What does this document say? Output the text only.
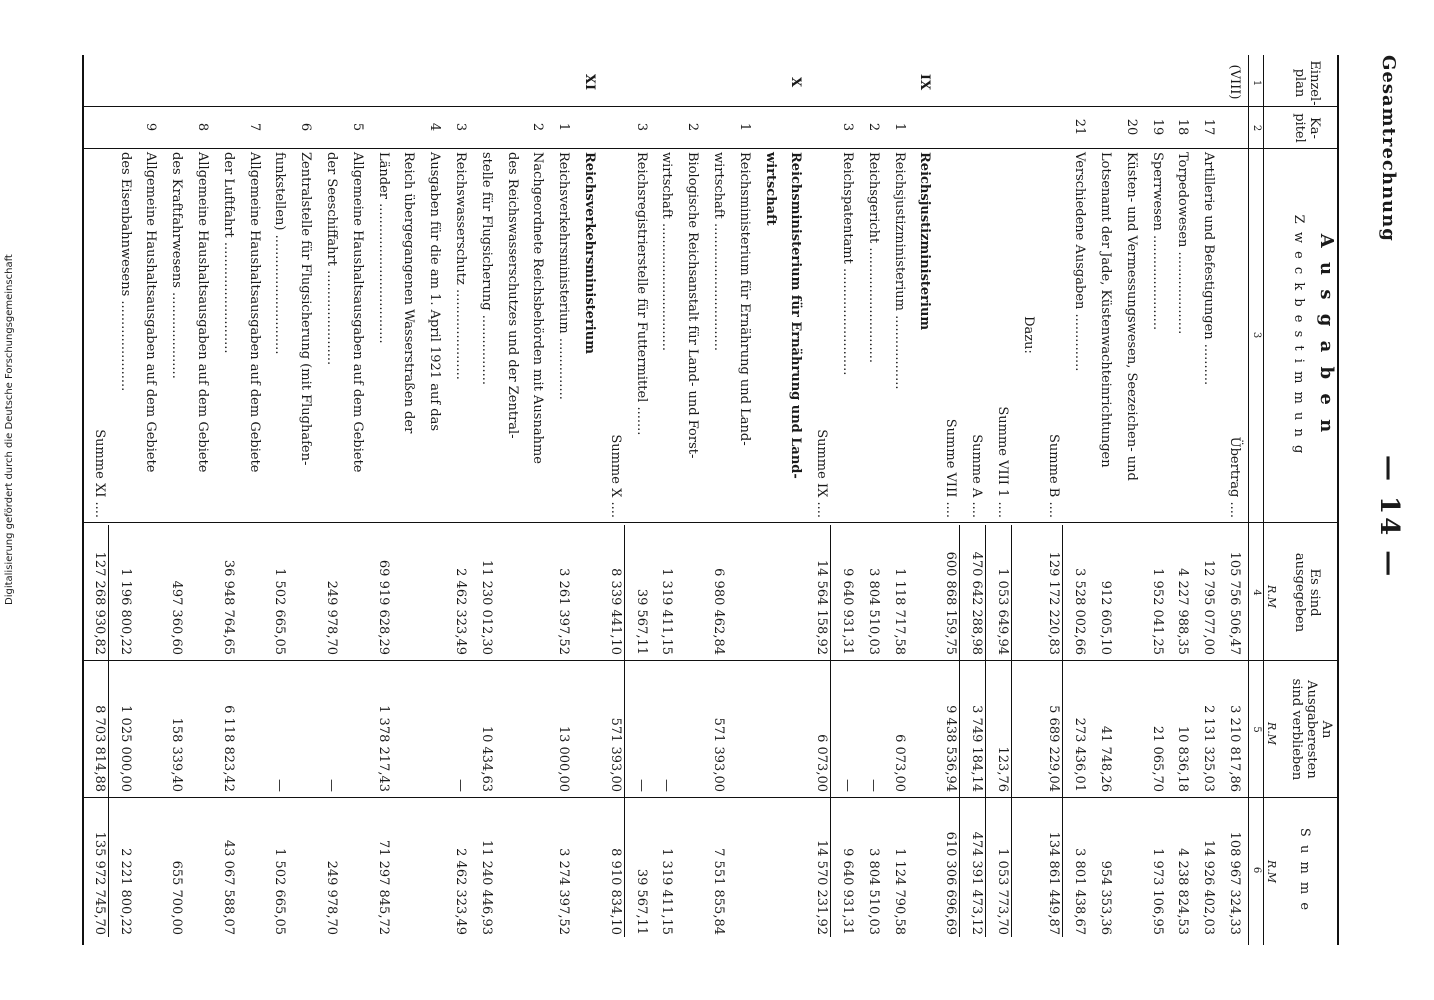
Gesamtrechnung
— 14 —
Einzel-
plan
Ka-
pitel
A u s g a b e n
Z w e c k b e s t i m m u n g
Es sind
ausgegeben
An
Ausgaberesten
sind verblieben
S u m m e
R.M
R.M
R.M
1
2
3
4
5
6
(VIII)
Übertrag ....
105 756 506,47
3 210 817,86
108 967 324,33
17
Artillerie und Befestigungen ..........
12 795 077,00
2 131 325,03
14 926 402,03
18
Torpedowesen ....................
4 227 988,35
10 836,18
4 238 824,53
19
Sperrwesen .......................
1 952 041,25
21 065,70
1 973 106,95
20
Küsten- und Vermessungswesen, Seezeichen- und
Lotsenamt der Jade, Küstenwachteinrichtungen
912 605,10
41 748,26
954 353,36
21
Verschiedene Ausgaben ..............
3 528 002,66
273 436,01
3 801 438,67
Summe B ....
129 172 220,83
5 689 229,04
134 861 449,87
Dazu:
Summe VIII 1 ....
1 053 649,94
123,76
1 053 773,70
Summe A ....
470 642 288,98
3 749 184,14
474 391 473,12
Summe VIII ....
600 868 159,75
9 438 536,94
610 306 696,69
IX
Reichsjustizministerium
1
Reichsjustizministerium ..................
1 118 717,58
6 073,00
1 124 790,58
2
Reichsgericht ............................
3 804 510,03
—
3 804 510,03
3
Reichspatentamt ..........................
9 640 931,31
—
9 640 931,31
Summe IX ....
14 564 158,92
6 073,00
14 570 231,92
X
Reichsministerium für Ernährung und Land-
wirtschaft
1
Reichsministerium für Ernährung und Land-
wirtschaft ...............................
6 980 462,84
571 393,00
7 551 855,84
2
Biologische Reichsanstalt für Land- und Forst-
wirtschaft ...............................
1 319 411,15
—
1 319 411,15
3
Reichsregistrierstelle für Futtermittel .......
39 567,11
—
39 567,11
Summe X ....
8 339 441,10
571 393,00
8 910 834,10
XI
Reichsverkehrsministerium
1
Reichsverkehrsministerium ...............
3 261 397,52
13 000,00
3 274 397,52
2
Nachgeordnete Reichsbehörden mit Ausnahme
des Reichswasserschutzes und der Zentral-
stelle für Flugsicherung .................
11 230 012,30
10 434,63
11 240 446,93
3
Reichswasserschutz ......................
2 462 323,49
—
2 462 323,49
4
Ausgaben für die am 1. April 1921 auf das
Reich übergegangenen Wasserstraßen der
Länder ..................................
69 919 628,29
1 378 217,43
71 297 845,72
5
Allgemeine Haushaltsausgaben auf dem Gebiete
der Seeschiffahrt .......................
249 978,70
—
249 978,70
6
Zentralstelle für Flugsicherung (mit Flughafen-
funkstellen) .............................
1 502 665,05
—
1 502 665,05
7
Allgemeine Haushaltsausgaben auf dem Gebiete
der Luftfahrt ...........................
36 948 764,65
6 118 823,42
43 067 588,07
8
Allgemeine Haushaltsausgaben auf dem Gebiete
des Kraftfahrwesens .....................
497 360,60
158 339,40
655 700,00
9
Allgemeine Haushaltsausgaben auf dem Gebiete
des Eisenbahnwesens ......................
1 196 800,22
1 025 000,00
2 221 800,22
Summe XI ....
127 268 930,82
8 703 814,88
135 972 745,70
Digitalisierung gefördert durch die Deutsche Forschungsgemeinschaft
